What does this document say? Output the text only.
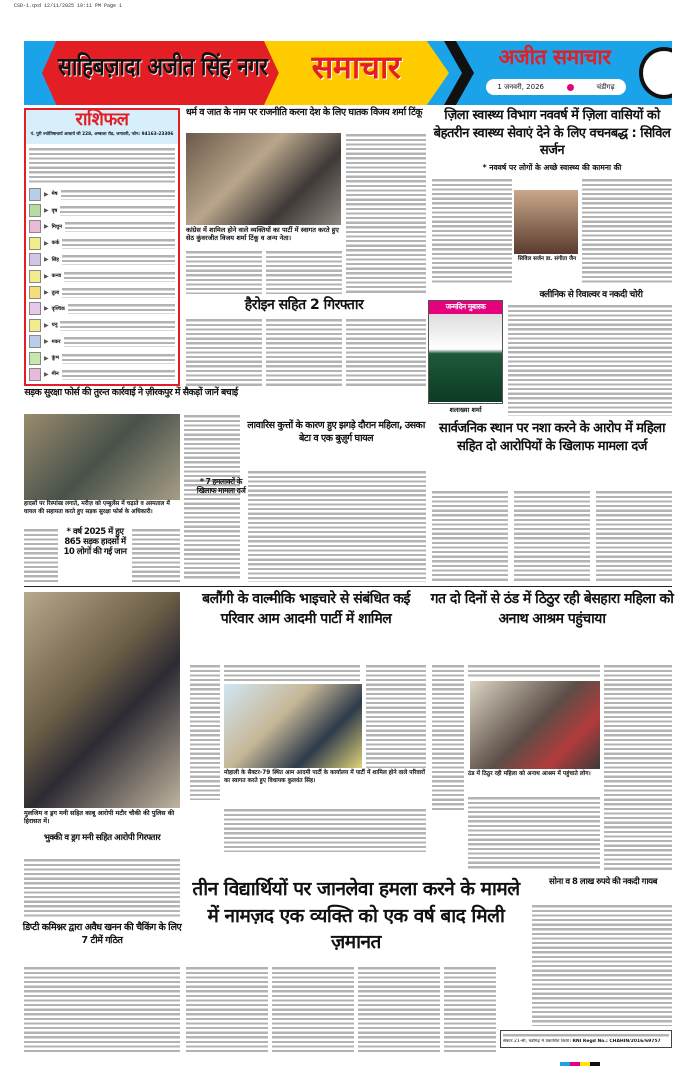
CSD-1.qxd 12/11/2025 19:11 PM Page 1
साहिबज़ादा अजीत सिंह नगर	समाचार	अजीत समाचार
1 जनवरी, 2026	चंडीगढ़
राशिफल
पं. पुरी ज्योतिषाचार्य आचार्य जी 228, अम्बाला रोड, जगाधरी, फोन: 94163-23306
▶ मेष
▶ वृष
▶ मिथुन
▶ कर्क
▶ सिंह
▶ कन्या
▶ तुला
▶ वृश्चिक
▶ धनु
▶ मकर
▶ कुंभ
▶ मीन
धर्म व जात के नाम पर राजनीति करना देश के लिए घातक विजय शर्मा टिंकू
कांग्रेस में शामिल होने वाले व्यक्तियों का पार्टी में स्वागत करते हुए सेठ कुंवरजीत विजय शर्मा टिंकू व अन्य नेता।
ज़िला स्वास्थ्य विभाग नववर्ष में ज़िला वासियों को बेहतरीन स्वास्थ्य सेवाएं देने के लिए वचनबद्ध : सिविल सर्जन
* नववर्ष पर लोगों के अच्छे स्वास्थ्य की कामना की
सिविल सर्जन डा. संगीता जैन
हैरोइन सहित 2 गिरफ्तार	जन्मदिन मुबारक
शलाख्या शर्मा
क्लीनिक से रिवाल्वर व नकदी चोरी
सड़क सुरक्षा फोर्स की तुरन्त कार्रवाई ने ज़ीरकपुर में सैकड़ों जानें बचाई
हादसों पर रिस्पांस्ड लगाते, मरीज़ को एम्बुलेंस में चढ़ाते व अस्पताल में घायल की सहायता करते हुए सड़क सुरक्षा फोर्स के अधिकारी।
* वर्ष 2025 में हुए 865 सड़क हादसों में 10 लोगों की गई जान
लावारिस कुत्तों के कारण हुए झगड़े दौरान महिला, उसका बेटा व एक बुज़ुर्ग घायल
* 7 हमलावरों के खिलाफ मामला दर्ज
सार्वजनिक स्थान पर नशा करने के आरोप में महिला सहित दो आरोपियों के खिलाफ मामला दर्ज
बलौंगी के वाल्मीकि भाइचारे से संबंधित कई परिवार आम आदमी पार्टी में शामिल
मोहाली के सैक्टर-79 स्थित आम आदमी पार्टी के कार्यालय में पार्टी में शामिल होने वाले परिवारों का स्वागत करते हुए विधायक कुलवंत सिंह।
गत दो दिनों से ठंड में ठिठुर रही बेसहारा महिला को अनाथ आश्रम पहुंचाया
ठंड में ठिठुर रही महिला को अनाथ आश्रम में पहुंचाते लोग।
मुलजिम व ड्रग मनी सहित काबू आरोपी मटौर चौकी की पुलिस की हिरासत में।
भुक्की व ड्रग मनी सहित आरोपी गिरफ्तार
डिप्टी कमिश्नर द्वारा अवैध खनन की चैकिंग के लिए 7 टीमें गठित
तीन विद्यार्थियों पर जानलेवा हमला करने के मामले में नामज़द एक व्यक्ति को एक वर्ष बाद मिली ज़मानत
सोना व 8 लाख रुपये की नकदी गायब
सेक्टर 21-सी, चंडीगढ़ में प्रकाशित किया। RNI Regd No.: CHAHIN/2016/69757
